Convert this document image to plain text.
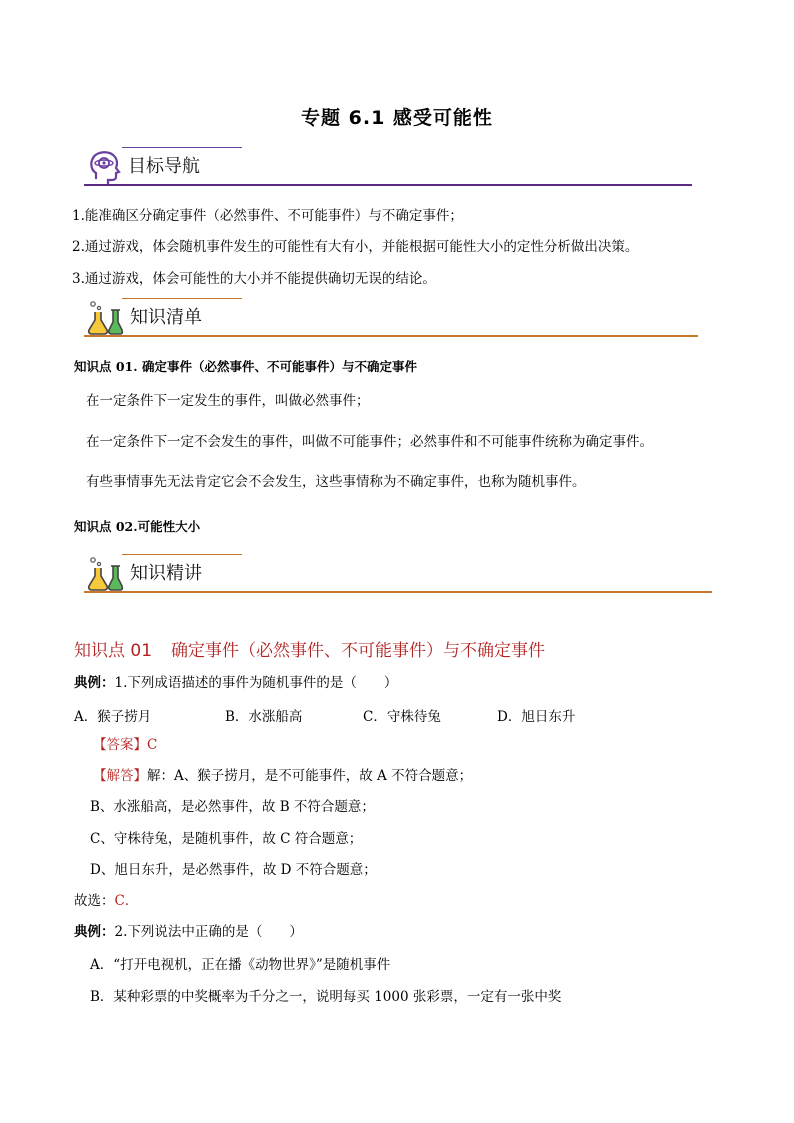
专题 6.1 感受可能性
目标导航
1.能准确区分确定事件（必然事件、不可能事件）与不确定事件；
2.通过游戏，体会随机事件发生的可能性有大有小，并能根据可能性大小的定性分析做出决策。
3.通过游戏，体会可能性的大小并不能提供确切无误的结论。
知识清单
知识点 01. 确定事件（必然事件、不可能事件）与不确定事件
在一定条件下一定发生的事件，叫做必然事件；
在一定条件下一定不会发生的事件，叫做不可能事件；必然事件和不可能事件统称为确定事件。
有些事情事先无法肯定它会不会发生，这些事情称为不确定事件，也称为随机事件。
知识点 02.可能性大小
知识精讲
知识点 01 确定事件（必然事件、不可能事件）与不确定事件
典例：1.下列成语描述的事件为随机事件的是（　　）
A．猴子捞月	B．水涨船高	C．守株待兔	D．旭日东升
【答案】C
【解答】解：A、猴子捞月，是不可能事件，故 A 不符合题意；
B、水涨船高，是必然事件，故 B 不符合题意；
C、守株待兔，是随机事件，故 C 符合题意；
D、旭日东升，是必然事件，故 D 不符合题意；
故选：C．
典例：2.下列说法中正确的是（　　）
A．“打开电视机，正在播《动物世界》”是随机事件
B．某种彩票的中奖概率为千分之一，说明每买 1000 张彩票，一定有一张中奖
